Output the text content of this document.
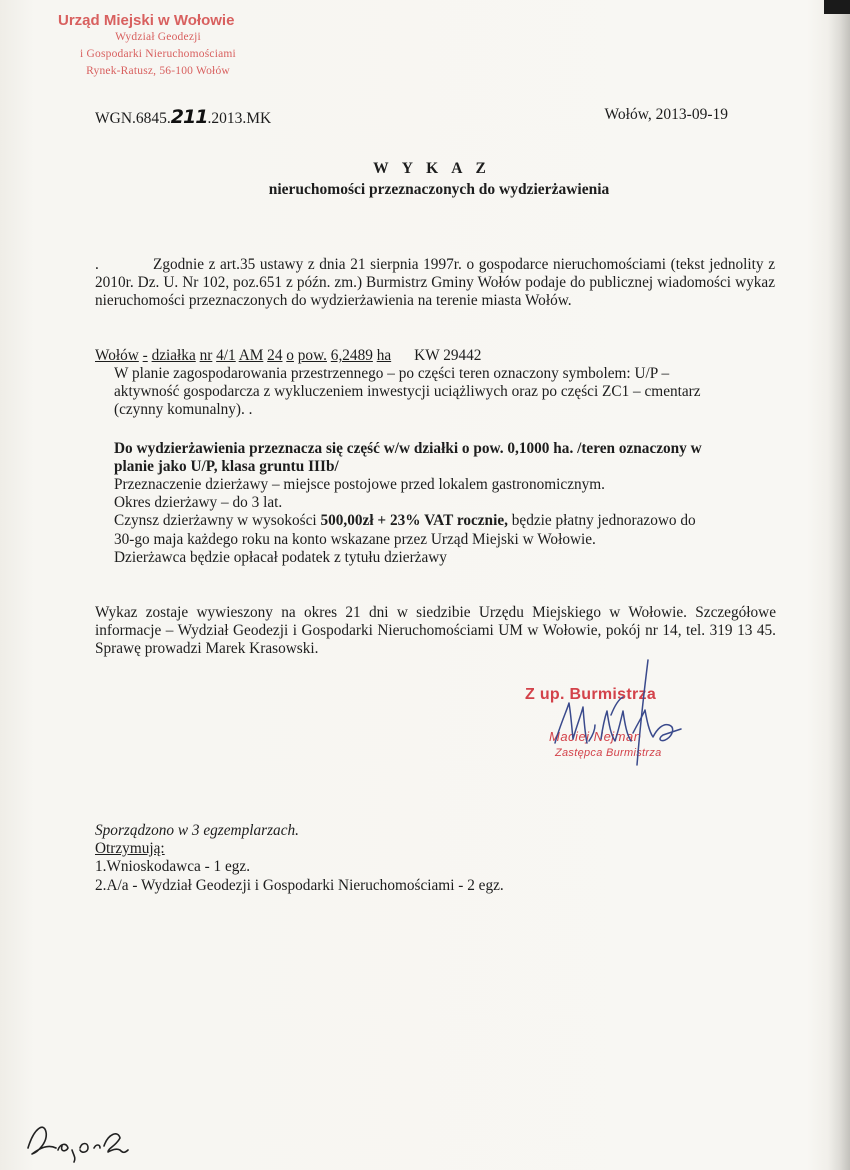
Urząd Miejski w Wołowie
Wydział Geodezji
i Gospodarki Nieruchomościami
Rynek-Ratusz, 56-100 Wołów
WGN.6845.211.2013.MK	Wołów, 2013-09-19
W Y K A Z
nieruchomości przeznaczonych do wydzierżawienia
.	Zgodnie z art.35 ustawy z dnia 21 sierpnia 1997r. o gospodarce nieruchomościami (tekst jednolity z 2010r. Dz. U. Nr 102, poz.651 z późn. zm.) Burmistrz Gminy Wołów podaje do publicznej wiadomości wykaz nieruchomości przeznaczonych do wydzierżawienia na terenie miasta Wołów.
Wołów - działka nr 4/1 AM 24 o pow. 6,2489 ha KW 29442
W planie zagospodarowania przestrzennego – po części teren oznaczony symbolem: U/P –
aktywność gospodarcza z wykluczeniem inwestycji uciążliwych oraz po części ZC1 – cmentarz
(czynny komunalny). .
Do wydzierżawienia przeznacza się część w/w działki o pow. 0,1000 ha. /teren oznaczony w
planie jako U/P, klasa gruntu IIIb/
Przeznaczenie dzierżawy – miejsce postojowe przed lokalem gastronomicznym.
Okres dzierżawy – do 3 lat.
Czynsz dzierżawny w wysokości 500,00zł + 23% VAT rocznie, będzie płatny jednorazowo do
30-go maja każdego roku na konto wskazane przez Urząd Miejski w Wołowie.
Dzierżawca będzie opłacał podatek z tytułu dzierżawy
Wykaz zostaje wywieszony na okres 21 dni w siedzibie Urzędu Miejskiego w Wołowie. Szczegółowe informacje – Wydział Geodezji i Gospodarki Nieruchomościami UM w Wołowie, pokój nr 14, tel. 319 13 45. Sprawę prowadzi Marek Krasowski.
Z up. Burmistrza
Maciej Nejman
Zastępca Burmistrza
Sporządzono w 3 egzemplarzach.
Otrzymują:
1.Wnioskodawca - 1 egz.
2.A/a - Wydział Geodezji i Gospodarki Nieruchomościami - 2 egz.
